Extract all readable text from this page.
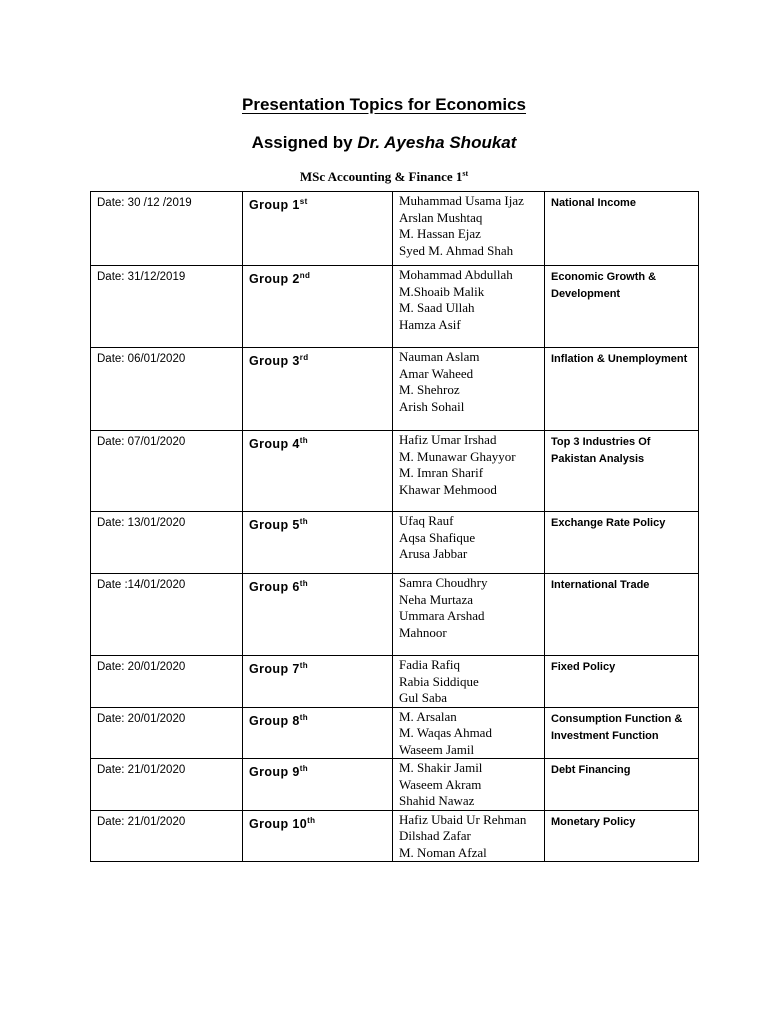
Presentation Topics for Economics
Assigned by Dr. Ayesha Shoukat

MSc Accounting & Finance 1st

Date: 30 /12 /2019	Group 1st	Muhammad Usama Ijaz
Arslan Mushtaq
M. Hassan Ejaz
Syed M. Ahmad Shah	National Income
Date: 31/12/2019	Group 2nd	Mohammad Abdullah
M.Shoaib Malik
M. Saad Ullah
Hamza Asif	Economic Growth & Development
Date: 06/01/2020	Group 3rd	Nauman Aslam
Amar Waheed
M. Shehroz
Arish Sohail	Inflation & Unemployment
Date: 07/01/2020	Group 4th	Hafiz Umar Irshad
M. Munawar Ghayyor
M. Imran Sharif
Khawar Mehmood	Top 3 Industries Of Pakistan Analysis
Date: 13/01/2020	Group 5th	Ufaq Rauf
Aqsa Shafique
Arusa Jabbar	Exchange Rate Policy
Date :14/01/2020	Group 6th	Samra Choudhry
Neha Murtaza
Ummara Arshad
Mahnoor	International Trade
Date: 20/01/2020	Group 7th	Fadia Rafiq
Rabia Siddique
Gul Saba	Fixed Policy
Date: 20/01/2020	Group 8th	M. Arsalan
M. Waqas Ahmad
Waseem Jamil	Consumption Function & Investment Function
Date: 21/01/2020	Group 9th	M. Shakir Jamil
Waseem Akram
Shahid Nawaz	Debt Financing
Date: 21/01/2020	Group 10th	Hafiz Ubaid Ur Rehman
Dilshad Zafar
M. Noman Afzal	Monetary Policy
